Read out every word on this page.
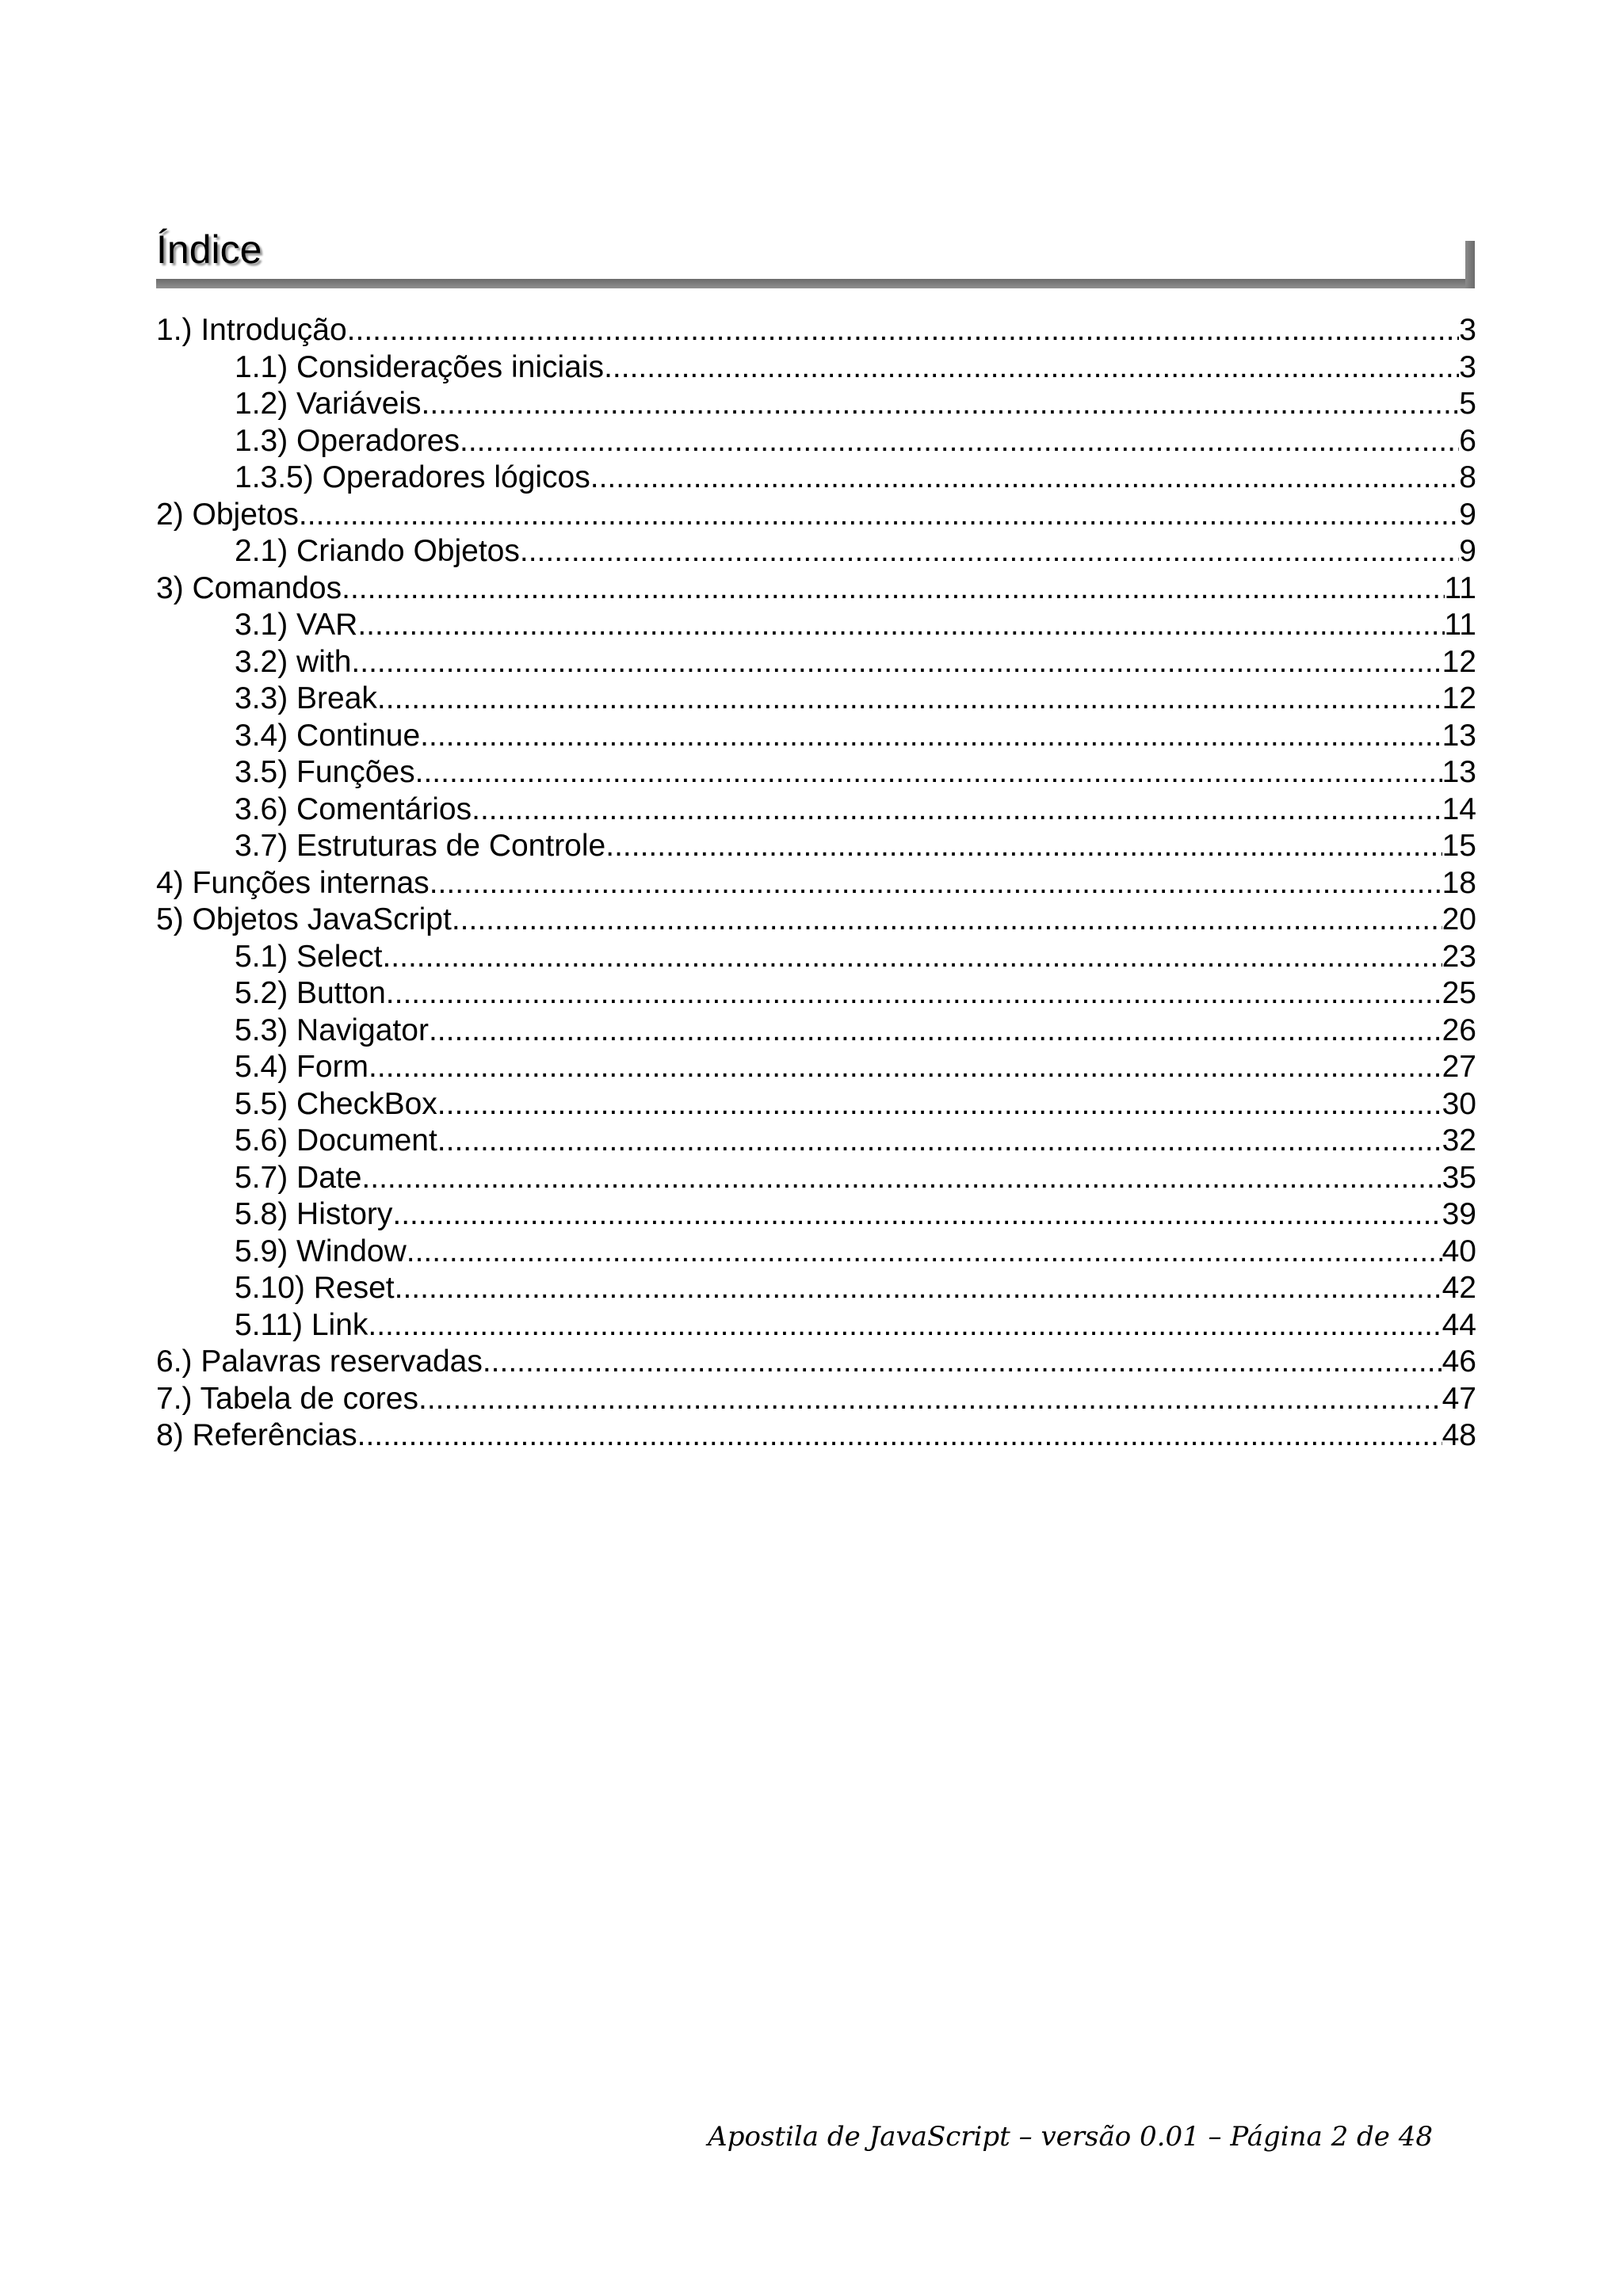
Índice
1.) Introdução .....	3
1.1) Considerações iniciais .....	3
1.2) Variáveis .....	5
1.3) Operadores .....	6
1.3.5) Operadores lógicos .....	8
2) Objetos .....	9
2.1) Criando Objetos .....	9
3) Comandos .....	11
3.1) VAR .....	11
3.2) with .....	12
3.3) Break .....	12
3.4) Continue .....	13
3.5) Funções .....	13
3.6) Comentários .....	14
3.7) Estruturas de Controle .....	15
4) Funções internas .....	18
5) Objetos JavaScript .....	20
5.1) Select .....	23
5.2) Button .....	25
5.3) Navigator .....	26
5.4) Form .....	27
5.5) CheckBox .....	30
5.6) Document .....	32
5.7) Date .....	35
5.8) History .....	39
5.9) Window .....	40
5.10) Reset .....	42
5.11) Link .....	44
6.) Palavras reservadas .....	46
7.) Tabela de cores .....	47
8) Referências .....	48
Apostila de JavaScript – versão 0.01 – Página 2 de 48
